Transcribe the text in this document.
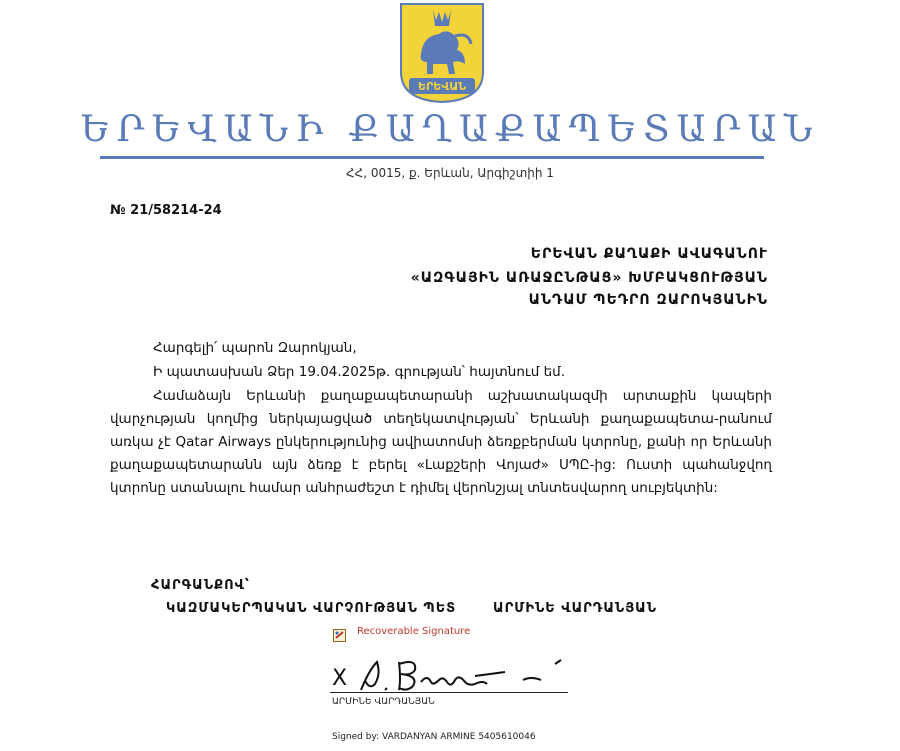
ԵՐԵՎԱՆ
ԵՐԵՎԱՆԻ ՔԱՂԱՔԱՊԵՏԱՐԱՆ
ՀՀ, 0015, ք. Երևան, Արգիշտիի 1
№ 21/58214-24
ԵՐԵՎԱՆ ՔԱՂԱՔԻ ԱՎԱԳԱՆՈՒ
«ԱԶԳԱՅԻՆ ԱՌԱՋԸՆԹԱՑ» ԽՄԲԱԿՑՈՒԹՅԱՆ
ԱՆԴԱՄ ՊԵԴՐՈ ԶԱՐՈԿՅԱՆԻՆ
Հարգելի՛ պարոն Զարոկյան,
Ի պատասխան Ձեր 19.04.2025թ. գրության՝ հայտնում եմ.
Համաձայն Երևանի քաղաքապետարանի աշխատակազմի արտաքին կապերի վարչության կողմից ներկայացված տեղեկատվության՝ Երևանի քաղաքապետա-րանում առկա չէ Qatar Airways ընկերությունից ավիատոմսի ձեռքբերման կտրոնը, քանի որ Երևանի քաղաքապետարանն այն ձեռք է բերել «Լաքշերի Վոյաժ» ՍՊԸ-ից: Ուստի պահանջվող կտրոնը ստանալու համար անհրաժեշտ է դիմել վերոնշյալ տնտեսվարող սուբյեկտին:
ՀԱՐԳԱՆՔՈՎ՝
ԿԱԶՄԱԿԵՐՊԱԿԱՆ ՎԱՐՉՈՒԹՅԱՆ ՊԵՏ	ԱՐՄԻՆԵ ՎԱՐԴԱՆՅԱՆ
Recoverable Signature
X
ԱՐՄԻՆԵ ՎԱՐԴԱՆՅԱՆ
Signed by: VARDANYAN ARMINE 5405610046
